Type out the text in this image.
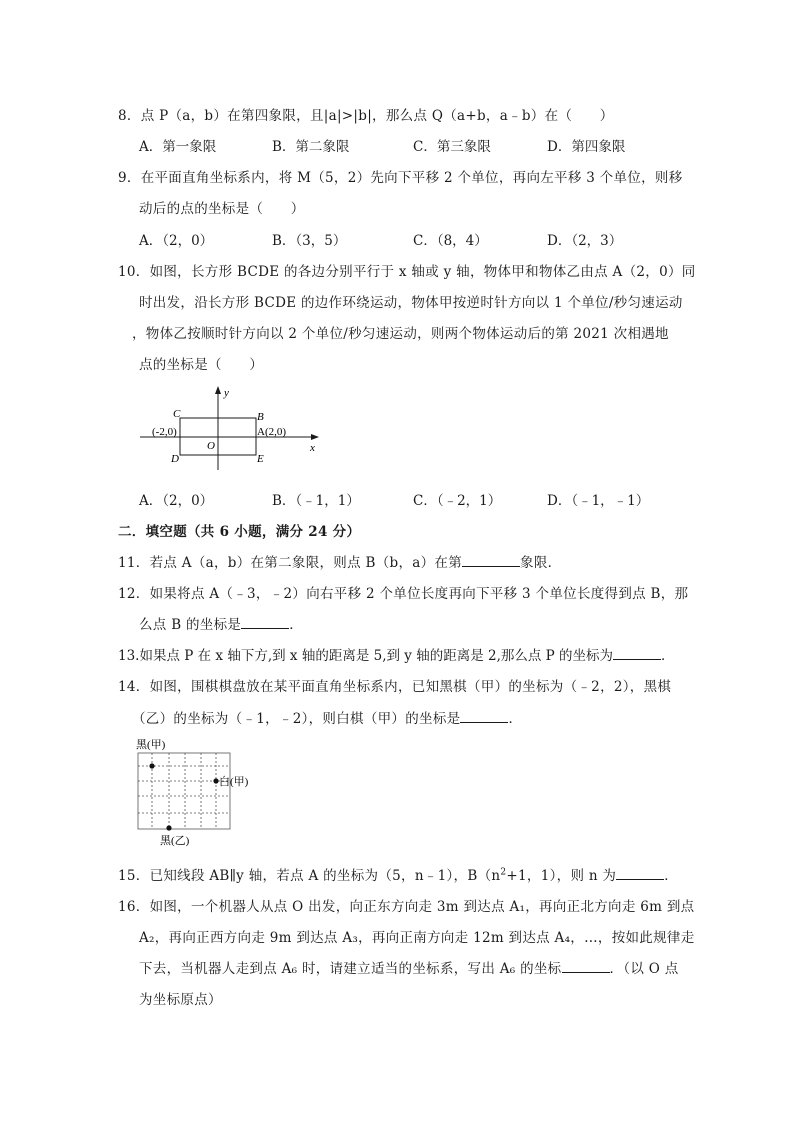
8．点 P（a，b）在第四象限，且|a|>|b|，那么点 Q（a+b，a﹣b）在（　　）
A．第一象限	B．第二象限	C．第三象限	D．第四象限
9．在平面直角坐标系内，将 M（5，2）先向下平移 2 个单位，再向左平移 3 个单位，则移
动后的点的坐标是（　　）
A．（2，0）	B．（3，5）	C．（8，4）	D．（2，3）
10．如图，长方形 BCDE 的各边分别平行于 x 轴或 y 轴，物体甲和物体乙由点 A（2，0）同
时出发，沿长方形 BCDE 的边作环绕运动，物体甲按逆时针方向以 1 个单位/秒匀速运动
，物体乙按顺时针方向以 2 个单位/秒匀速运动，则两个物体运动后的第 2021 次相遇地
点的坐标是（　　）
y
x
C	B
D	E
O
(-2,0)	A(2,0)
A．（2，0）	B．（﹣1，1）	C．（﹣2，1）	D．（﹣1，﹣1）
二．填空题（共 6 小题，满分 24 分）
11．若点 A（a，b）在第二象限，则点 B（b，a）在第	象限．
12．如果将点 A（﹣3，﹣2）向右平移 2 个单位长度再向下平移 3 个单位长度得到点 B，那
么点 B 的坐标是	．
13.如果点 P 在 x 轴下方,到 x 轴的距离是 5,到 y 轴的距离是 2,那么点 P 的坐标为	．
14．如图，围棋棋盘放在某平面直角坐标系内，已知黑棋（甲）的坐标为（﹣2，2），黑棋
（乙）的坐标为（﹣1，﹣2），则白棋（甲）的坐标是	．
黑(甲)
白(甲)
黑(乙)
15．已知线段 AB∥y 轴，若点 A 的坐标为（5，n﹣1），$B(n^2+1$，1），则 n 为	．
16．如图，一个机器人从点 O 出发，向正东方向走 3m 到达点 A₁，再向正北方向走 6m 到点
A₂，再向正西方向走 9m 到达点 A₃，再向正南方向走 12m 到达点 A₄，…，按如此规律走
下去，当机器人走到点 A₆ 时，请建立适当的坐标系，写出 A₆ 的坐标	．（以 O 点
为坐标原点）
